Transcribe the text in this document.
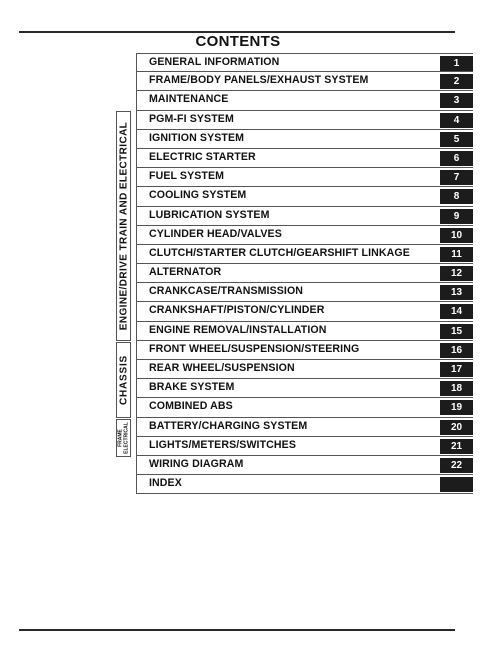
CONTENTS
ENGINE/DRIVE TRAIN AND ELECTRICAL
CHASSIS
FRAME ELECTRICAL
GENERAL INFORMATION	1
FRAME/BODY PANELS/EXHAUST SYSTEM	2
MAINTENANCE	3
PGM-FI SYSTEM	4
IGNITION SYSTEM	5
ELECTRIC STARTER	6
FUEL SYSTEM	7
COOLING SYSTEM	8
LUBRICATION SYSTEM	9
CYLINDER HEAD/VALVES	10
CLUTCH/STARTER CLUTCH/GEARSHIFT LINKAGE	11
ALTERNATOR	12
CRANKCASE/TRANSMISSION	13
CRANKSHAFT/PISTON/CYLINDER	14
ENGINE REMOVAL/INSTALLATION	15
FRONT WHEEL/SUSPENSION/STEERING	16
REAR WHEEL/SUSPENSION	17
BRAKE SYSTEM	18
COMBINED ABS	19
BATTERY/CHARGING SYSTEM	20
LIGHTS/METERS/SWITCHES	21
WIRING DIAGRAM	22
INDEX
